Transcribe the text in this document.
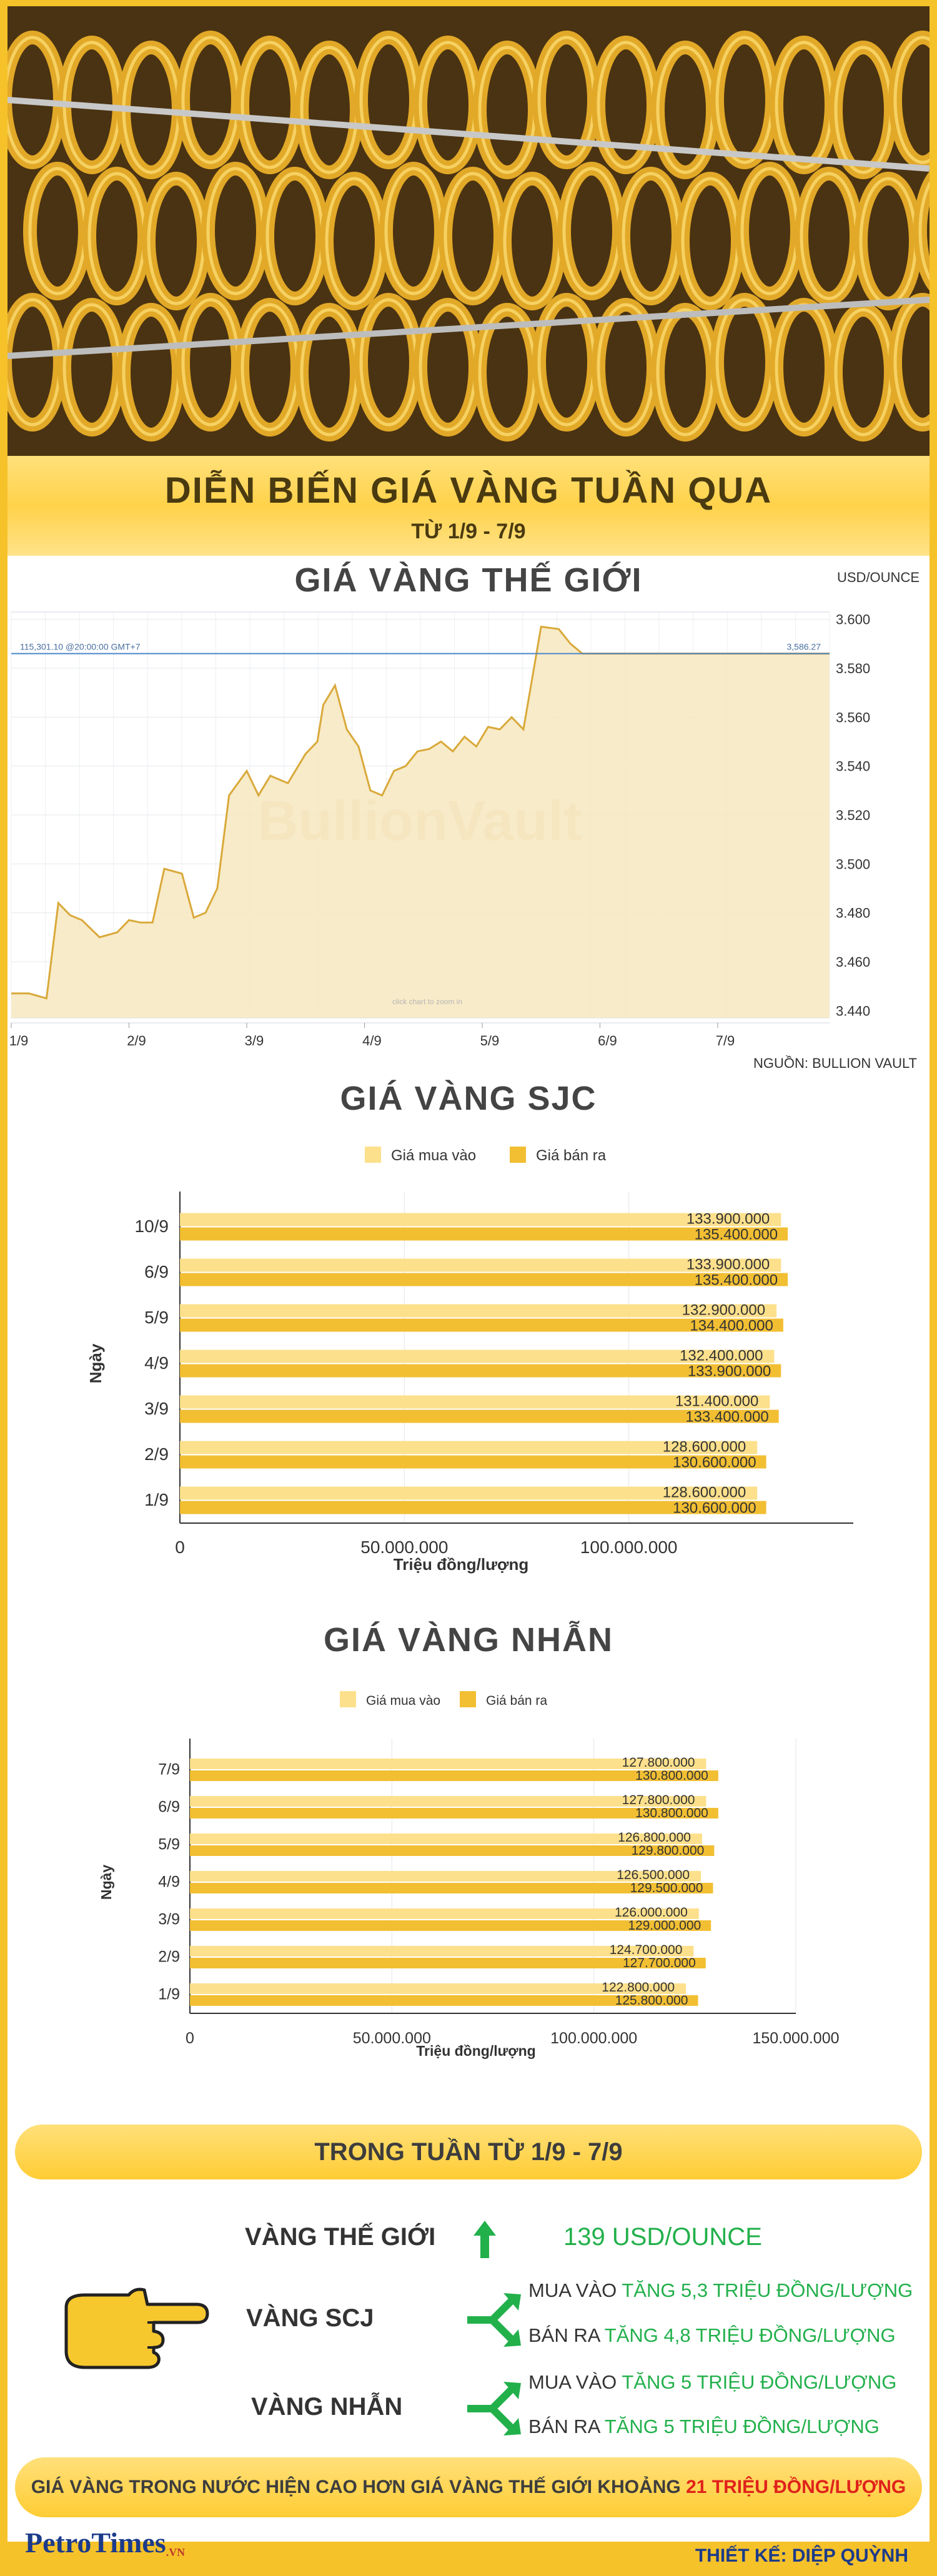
DIỄN BIẾN GIÁ VÀNG TUẦN QUA
TỪ 1/9 - 7/9
GIÁ VÀNG THẾ GIỚI	USD/OUNCE
3.440
3.460
3.480
3.500
3.520
3.540
3.560
3.580
3.600
115,301.10 @20:00:00 GMT+7	3,586.27
click chart to zoom in
1/9	2/9	3/9	4/9	5/9	6/9	7/9
NGUỒN: BULLION VAULT
GIÁ VÀNG SJC
Giá mua vào	Giá bán ra
133.900.000
135.400.000
10/9
133.900.000
135.400.000
6/9
132.900.000
134.400.000
5/9
132.400.000
133.900.000
4/9
131.400.000
133.400.000
3/9
128.600.000
130.600.000
2/9
128.600.000
130.600.000
1/9
0	50.000.000	100.000.000
Triệu đồng/lượng
Ngày
GIÁ VÀNG NHẪN
Giá mua vào	Giá bán ra
127.800.000
130.800.000
7/9
127.800.000
130.800.000
6/9
126.800.000
129.800.000
5/9
126.500.000
129.500.000
4/9
126.000.000
129.000.000
3/9
124.700.000
127.700.000
2/9
122.800.000
125.800.000
1/9
0	50.000.000	100.000.000	150.000.000
Triệu đồng/lượng
Ngày
TRONG TUẦN TỪ 1/9 - 7/9
VÀNG THẾ GIỚI	139 USD/OUNCE
VÀNG SCJ
MUA VÀO TĂNG 5,3 TRIỆU ĐỒNG/LƯỢNG
BÁN RA TĂNG 4,8 TRIỆU ĐỒNG/LƯỢNG
VÀNG NHẪN
MUA VÀO TĂNG 5 TRIỆU ĐỒNG/LƯỢNG
BÁN RA TĂNG 5 TRIỆU ĐỒNG/LƯỢNG
GIÁ VÀNG TRONG NƯỚC HIỆN CAO HƠN GIÁ VÀNG THẾ GIỚI KHOẢNG 21 TRIỆU ĐỒNG/LƯỢNG
PetroTimes.VN	THIẾT KẾ: DIỆP QUỲNH
